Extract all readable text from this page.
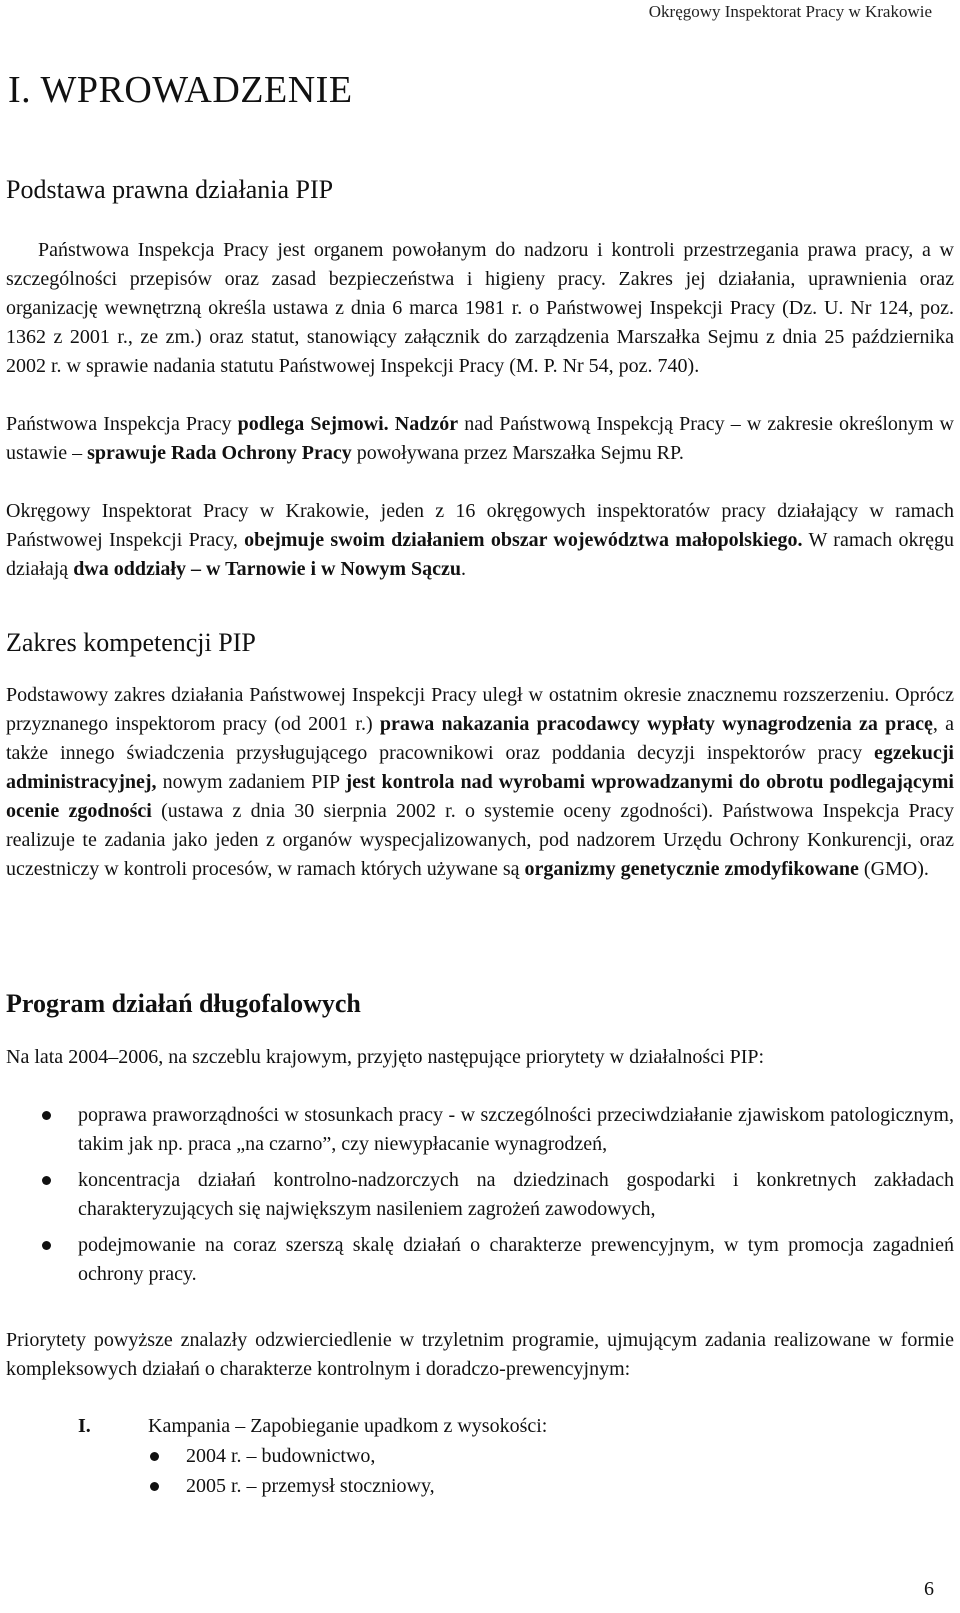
Okręgowy Inspektorat Pracy w Krakowie
I. WPROWADZENIE
Podstawa prawna działania PIP

Państwowa Inspekcja Pracy jest organem powołanym do nadzoru i kontroli przestrzegania prawa pracy, a w szczególności przepisów oraz zasad bezpieczeństwa i higieny pracy. Zakres jej działania, uprawnienia oraz organizację wewnętrzną określa ustawa z dnia 6 marca 1981 r. o Państwowej Inspekcji Pracy (Dz. U. Nr 124, poz. 1362 z 2001 r., ze zm.) oraz statut, stanowiący załącznik do zarządzenia Marszałka Sejmu z dnia 25 października 2002 r. w sprawie nadania statutu Państwowej Inspekcji Pracy (M. P. Nr 54, poz. 740).

Państwowa Inspekcja Pracy podlega Sejmowi. Nadzór nad Państwową Inspekcją Pracy – w zakresie określonym w ustawie – sprawuje Rada Ochrony Pracy powoływana przez Marszałka Sejmu RP.

Okręgowy Inspektorat Pracy w Krakowie, jeden z 16 okręgowych inspektoratów pracy działający w ramach Państwowej Inspekcji Pracy, obejmuje swoim działaniem obszar województwa małopolskiego. W ramach okręgu działają dwa oddziały – w Tarnowie i w Nowym Sączu.

Zakres kompetencji PIP

Podstawowy zakres działania Państwowej Inspekcji Pracy uległ w ostatnim okresie znacznemu rozszerzeniu. Oprócz przyznanego inspektorom pracy (od 2001 r.) prawa nakazania pracodawcy wypłaty wynagrodzenia za pracę, a także innego świadczenia przysługującego pracownikowi oraz poddania decyzji inspektorów pracy egzekucji administracyjnej, nowym zadaniem PIP jest kontrola nad wyrobami wprowadzanymi do obrotu podlegającymi ocenie zgodności (ustawa z dnia 30 sierpnia 2002 r. o systemie oceny zgodności). Państwowa Inspekcja Pracy realizuje te zadania jako jeden z organów wyspecjalizowanych, pod nadzorem Urzędu Ochrony Konkurencji, oraz uczestniczy w kontroli procesów, w ramach których używane są organizmy genetycznie zmodyfikowane (GMO).

Program działań długofalowych

Na lata 2004–2006, na szczeblu krajowym, przyjęto następujące priorytety w działalności PIP:

poprawa praworządności w stosunkach pracy - w szczególności przeciwdziałanie zjawiskom patologicznym, takim jak np. praca „na czarno”, czy niewypłacanie wynagrodzeń,
koncentracja działań kontrolno-nadzorczych na dziedzinach gospodarki i konkretnych zakładach charakteryzujących się największym nasileniem zagrożeń zawodowych,
podejmowanie na coraz szerszą skalę działań o charakterze prewencyjnym, w tym promocja zagadnień ochrony pracy.

Priorytety powyższe znalazły odzwierciedlenie w trzyletnim programie, ujmującym zadania realizowane w formie kompleksowych działań o charakterze kontrolnym i doradczo-prewencyjnym:

I.	Kampania – Zapobieganie upadkom z wysokości:
2004 r. – budownictwo,
2005 r. – przemysł stoczniowy,
6
